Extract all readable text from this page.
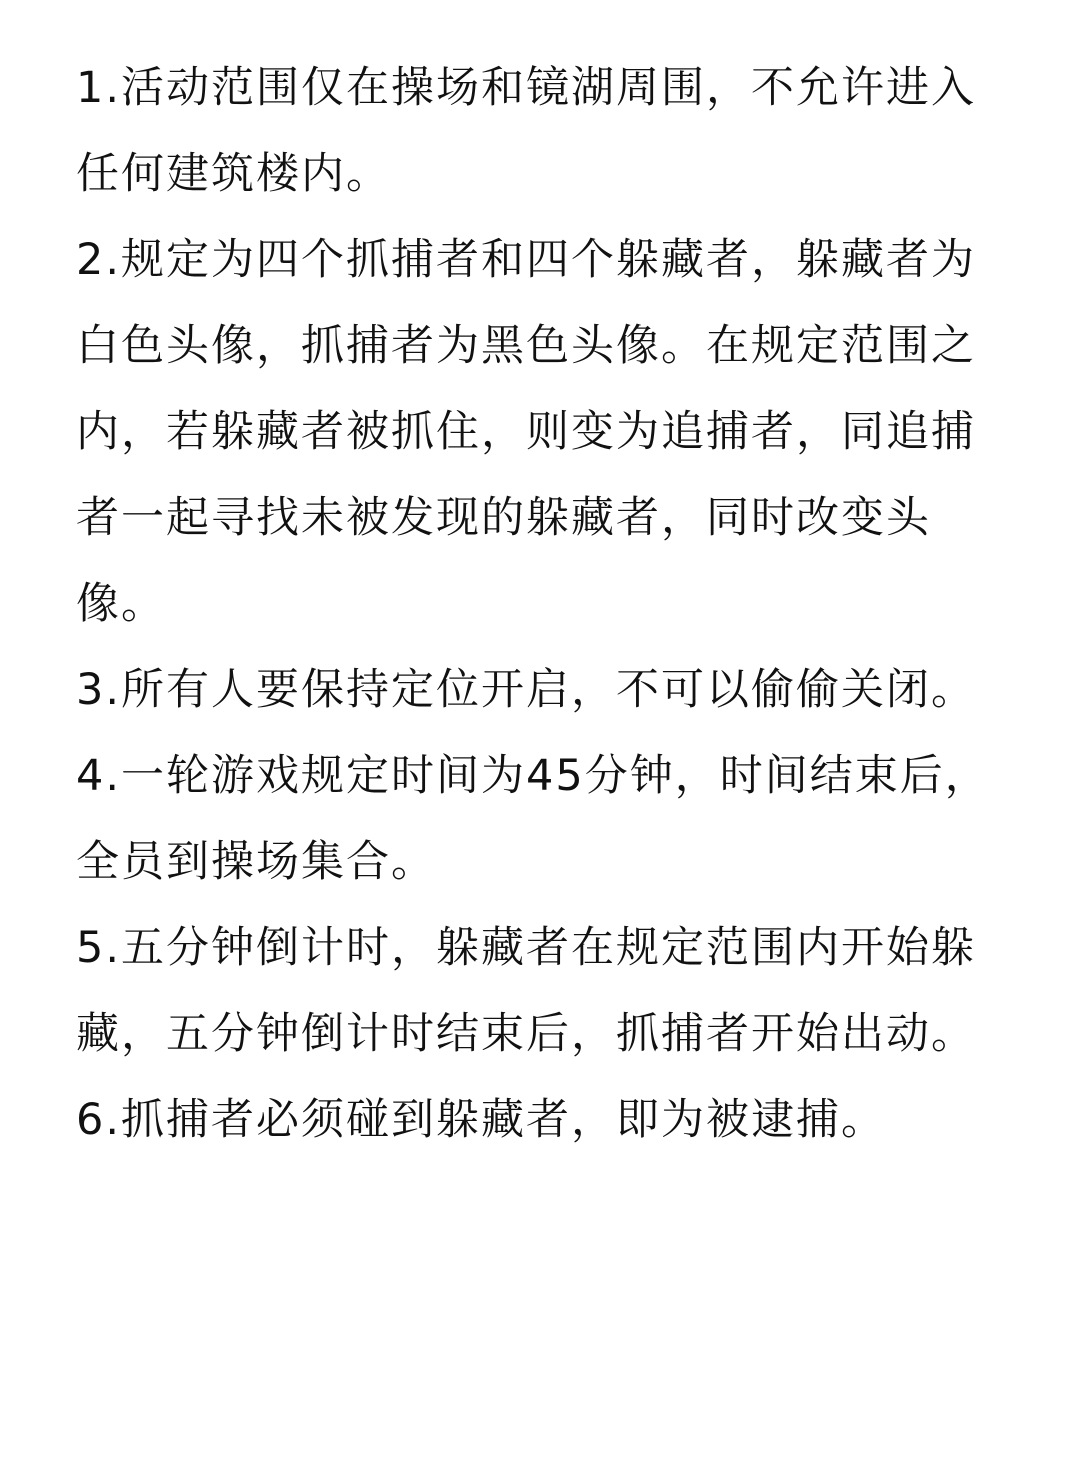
1.活动范围仅在操场和镜湖周围，不允许进入任何建筑楼内。

2.规定为四个抓捕者和四个躲藏者，躲藏者为白色头像，抓捕者为黑色头像。在规定范围之内，若躲藏者被抓住，则变为追捕者，同追捕者一起寻找未被发现的躲藏者，同时改变头像。

3.所有人要保持定位开启，不可以偷偷关闭。

4.一轮游戏规定时间为45分钟，时间结束后，全员到操场集合。

5.五分钟倒计时，躲藏者在规定范围内开始躲藏，五分钟倒计时结束后，抓捕者开始出动。

6.抓捕者必须碰到躲藏者，即为被逮捕。
